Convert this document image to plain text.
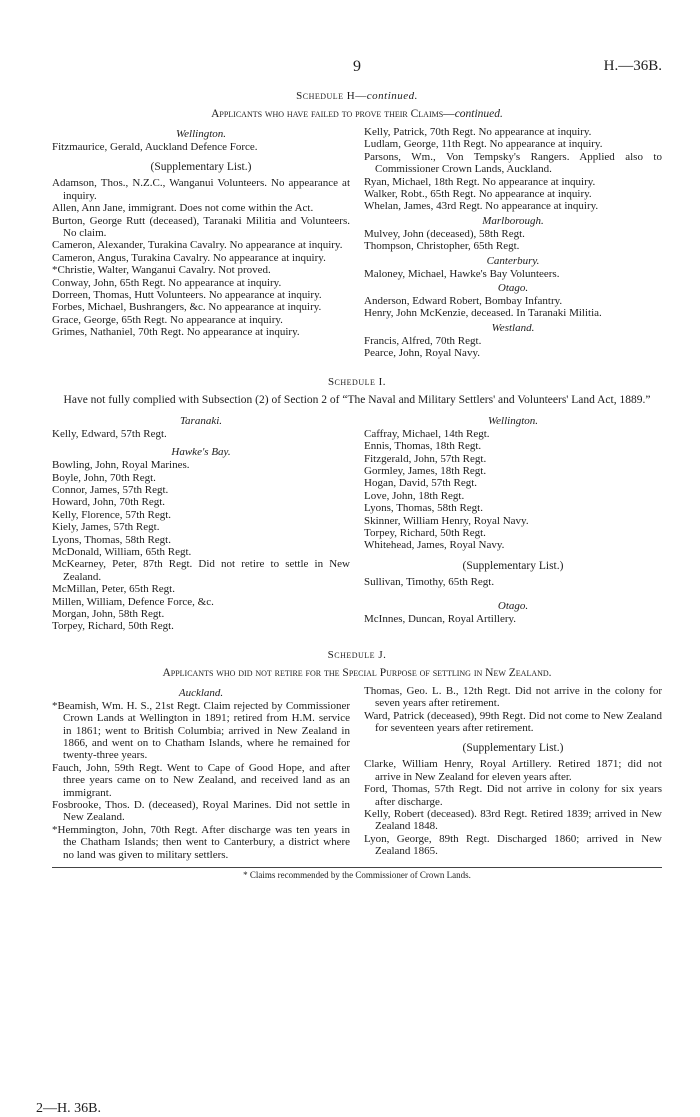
9	H.—36B.
Schedule H—continued.
Applicants who have failed to prove their Claims—continued.
Wellington.

Fitzmaurice, Gerald, Auckland Defence Force.

(Supplementary List.)

Adamson, Thos., N.Z.C., Wanganui Volunteers. No appearance at inquiry.

Allen, Ann Jane, immigrant. Does not come within the Act.

Burton, George Rutt (deceased), Taranaki Militia and Volunteers. No claim.

Cameron, Alexander, Turakina Cavalry. No appearance at inquiry.

Cameron, Angus, Turakina Cavalry. No appearance at inquiry.

*Christie, Walter, Wanganui Cavalry. Not proved.

Conway, John, 65th Regt. No appearance at inquiry.

Dorreen, Thomas, Hutt Volunteers. No appearance at inquiry.

Forbes, Michael, Bushrangers, &c. No appearance at inquiry.

Grace, George, 65th Regt. No appearance at inquiry.

Grimes, Nathaniel, 70th Regt. No appearance at inquiry.

Kelly, Patrick, 70th Regt. No appearance at inquiry.

Ludlam, George, 11th Regt. No appearance at inquiry.

Parsons, Wm., Von Tempsky's Rangers. Applied also to Commissioner Crown Lands, Auckland.

Ryan, Michael, 18th Regt. No appearance at inquiry.

Walker, Robt., 65th Regt. No appearance at inquiry.

Whelan, James, 43rd Regt. No appearance at inquiry.

Marlborough.

Mulvey, John (deceased), 58th Regt.

Thompson, Christopher, 65th Regt.

Canterbury.

Maloney, Michael, Hawke's Bay Volunteers.

Otago.

Anderson, Edward Robert, Bombay Infantry.

Henry, John McKenzie, deceased. In Taranaki Militia.

Westland.

Francis, Alfred, 70th Regt.

Pearce, John, Royal Navy.

Schedule I.
Have not fully complied with Subsection (2) of Section 2 of “The Naval and Military Settlers' and Volunteers' Land Act, 1889.”
Taranaki.

Kelly, Edward, 57th Regt.

Hawke's Bay.

Bowling, John, Royal Marines.

Boyle, John, 70th Regt.

Connor, James, 57th Regt.

Howard, John, 70th Regt.

Kelly, Florence, 57th Regt.

Kiely, James, 57th Regt.

Lyons, Thomas, 58th Regt.

McDonald, William, 65th Regt.

McKearney, Peter, 87th Regt. Did not retire to settle in New Zealand.

McMillan, Peter, 65th Regt.

Millen, William, Defence Force, &c.

Morgan, John, 58th Regt.

Torpey, Richard, 50th Regt.

Wellington.

Caffray, Michael, 14th Regt.

Ennis, Thomas, 18th Regt.

Fitzgerald, John, 57th Regt.

Gormley, James, 18th Regt.

Hogan, David, 57th Regt.

Love, John, 18th Regt.

Lyons, Thomas, 58th Regt.

Skinner, William Henry, Royal Navy.

Torpey, Richard, 50th Regt.

Whitehead, James, Royal Navy.

(Supplementary List.)

Sullivan, Timothy, 65th Regt.

Otago.

McInnes, Duncan, Royal Artillery.

Schedule J.
Applicants who did not retire for the Special Purpose of settling in New Zealand.
Auckland.

*Beamish, Wm. H. S., 21st Regt. Claim rejected by Commissioner Crown Lands at Wellington in 1891; retired from H.M. service in 1861; went to British Columbia; arrived in New Zealand in 1866, and went on to Chatham Islands, where he remained for twenty-three years.

Fauch, John, 59th Regt. Went to Cape of Good Hope, and after three years came on to New Zealand, and received land as an immigrant.

Fosbrooke, Thos. D. (deceased), Royal Marines. Did not settle in New Zealand.

*Hemmington, John, 70th Regt. After discharge was ten years in the Chatham Islands; then went to Canterbury, a district where no land was given to military settlers.

Thomas, Geo. L. B., 12th Regt. Did not arrive in the colony for seven years after retirement.

Ward, Patrick (deceased), 99th Regt. Did not come to New Zealand for seventeen years after retirement.

(Supplementary List.)

Clarke, William Henry, Royal Artillery. Retired 1871; did not arrive in New Zealand for eleven years after.

Ford, Thomas, 57th Regt. Did not arrive in colony for six years after discharge.

Kelly, Robert (deceased). 83rd Regt. Retired 1839; arrived in New Zealand 1848.

Lyon, George, 89th Regt. Discharged 1860; arrived in New Zealand 1865.

* Claims recommended by the Commissioner of Crown Lands.
2—H. 36B.
